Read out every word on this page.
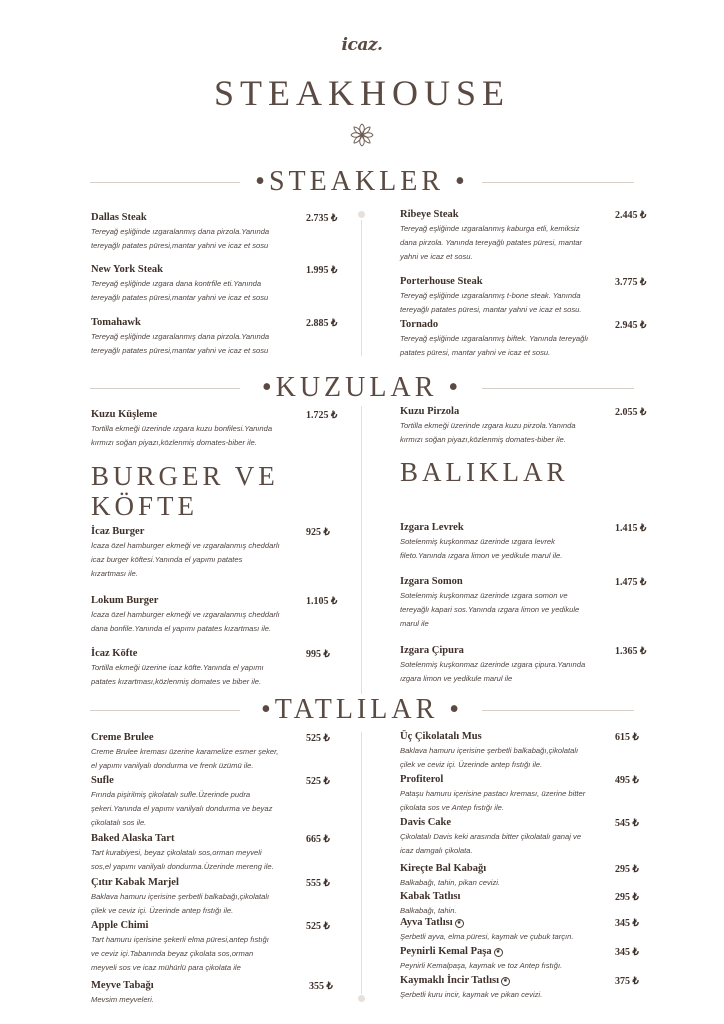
icaz.
STEAKHOUSE
•STEAKLER •
•KUZULAR •
BURGER VE
KÖFTE
BALIKLAR
•TATLILAR •
Dallas Steak
Tereyağ eşliğinde ızgaralanmış dana pirzola.Yanında
tereyağlı patates püresi,mantar yahni ve icaz et sosu
2.735 ₺
New York Steak
Tereyağ eşliğinde ızgara dana kontrfile eti.Yanında
tereyağlı patates püresi,mantar yahni ve icaz et sosu
1.995 ₺
Tomahawk
Tereyağ eşliğinde ızgaralanmış dana pirzola.Yanında
tereyağlı patates püresi,mantar yahni ve icaz et sosu
2.885 ₺
Ribeye Steak
Tereyağ eşliğinde ızgaralanmış kaburga etli, kemiksiz
dana pirzola. Yanında tereyağlı patates püresi, mantar
yahni ve icaz et sosu.
2.445 ₺
Porterhouse Steak
Tereyağ eşliğinde ızgaralanmış t-bone steak. Yanında
tereyağlı patates püresi, mantar yahni ve icaz et sosu.
3.775 ₺
Tornado
Tereyağ eşliğinde ızgaralanmış biftek. Yanında tereyağlı
patates püresi, mantar yahni ve icaz et sosu.
2.945 ₺
Kuzu Küşleme
Tortilla ekmeği üzerinde ızgara kuzu bonfilesi.Yanında
kırmızı soğan piyazı,közlenmiş domates-biber ile.
1.725 ₺	Kuzu Pirzola
Tortilla ekmeği üzerinde ızgara kuzu pirzola.Yanında
kırmızı soğan piyazı,közlenmiş domates-biber ile.
2.055 ₺
İcaz Burger
İcaza özel hamburger ekmeği ve ızgaralanmış cheddarlı
icaz burger köftesi.Yanında el yapımı patates
kızartması ile.
925 ₺
Lokum Burger
İcaza özel hamburger ekmeği ve ızgaralanmış cheddarlı
dana bonfile.Yanında el yapımı patates kızartması ile.
1.105 ₺
İcaz Köfte
Tortilla ekmeği üzerine icaz köfte.Yanında el yapımı
patates kızartması,közlenmiş domates ve biber ile.
995 ₺
Izgara Levrek
Sotelenmiş kuşkonmaz üzerinde ızgara levrek
fileto.Yanında ızgara limon ve yedikule marul ile.
1.415 ₺
Izgara Somon
Sotelenmiş kuşkonmaz üzerinde ızgara somon ve
tereyağlı kapari sos.Yanında ızgara limon ve yedikule
marul ile
1.475 ₺
Izgara Çipura
Sotelenmiş kuşkonmaz üzerinde ızgara çipura.Yanında
ızgara limon ve yedikule marul ile
1.365 ₺
Creme Brulee
Creme Brulee kreması üzerine karamelize esmer şeker,
el yapımı vanilyalı dondurma ve frenk üzümü ile.
525 ₺
Sufle
Fırında pişirilmiş çikolatalı sufle.Üzerinde pudra
şekeri.Yanında el yapımı vanilyalı dondurma ve beyaz
çikolatalı sos ile.
525 ₺
Baked Alaska Tart
Tart kurabiyesi, beyaz çikolatalı sos,orman meyveli
sos,el yapımı vanilyalı dondurma.Üzerinde mereng ile.
665 ₺
Çıtır Kabak Marjel
Baklava hamuru içerisine şerbetli balkabağı,çikolatalı
çilek ve ceviz içi. Üzerinde antep fıstığı ile.
555 ₺
Apple Chimi
Tart hamuru içerisine şekerli elma püresi,antep fıstığı
ve ceviz içi.Tabanında beyaz çikolata sos,orman
meyveli sos ve icaz mühürlü para çikolata ile
525 ₺
Meyve Tabağı
Mevsim meyveleri.
355 ₺
Üç Çikolatalı Mus
Baklava hamuru içerisine şerbetli balkabağı,çikolatalı
çilek ve ceviz içi. Üzerinde antep fıstığı ile.
615 ₺
Profiterol
Pataşu hamuru içerisine pastacı kreması, üzerine bitter
çikolata sos ve Antep fıstığı ile.
495 ₺
Davis Cake
Çikolatalı Davis keki arasında bitter çikolatalı ganaj ve
icaz damgalı çikolata.
545 ₺
Kireçte Bal Kabağı
Balkabağı, tahin, pikan cevizi.
295 ₺
Kabak Tatlısı
Balkabağı, tahin.
295 ₺
Ayva Tatlısı ❦
Şerbetli ayva, elma püresi, kaymak ve çubuk tarçın.
345 ₺
Peynirli Kemal Paşa ❦
Peynirli Kemalpaşa, kaymak ve toz Antep fıstığı.
345 ₺
Kaymaklı İncir Tatlısı ❦
Şerbetli kuru incir, kaymak ve pikan cevizi.
375 ₺
